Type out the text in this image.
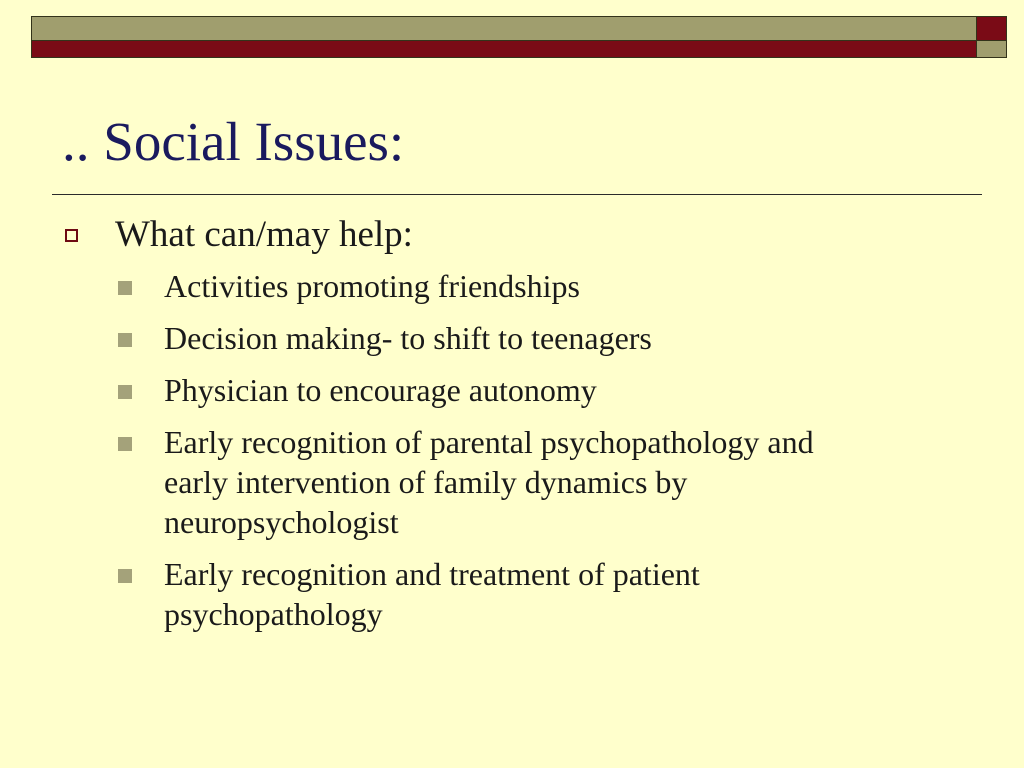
.. Social Issues:
What can/may help:
Activities promoting friendships
Decision making- to shift to teenagers
Physician to encourage autonomy
Early recognition of parental psychopathology and early intervention of family dynamics by neuropsychologist
Early recognition and treatment of patient psychopathology
